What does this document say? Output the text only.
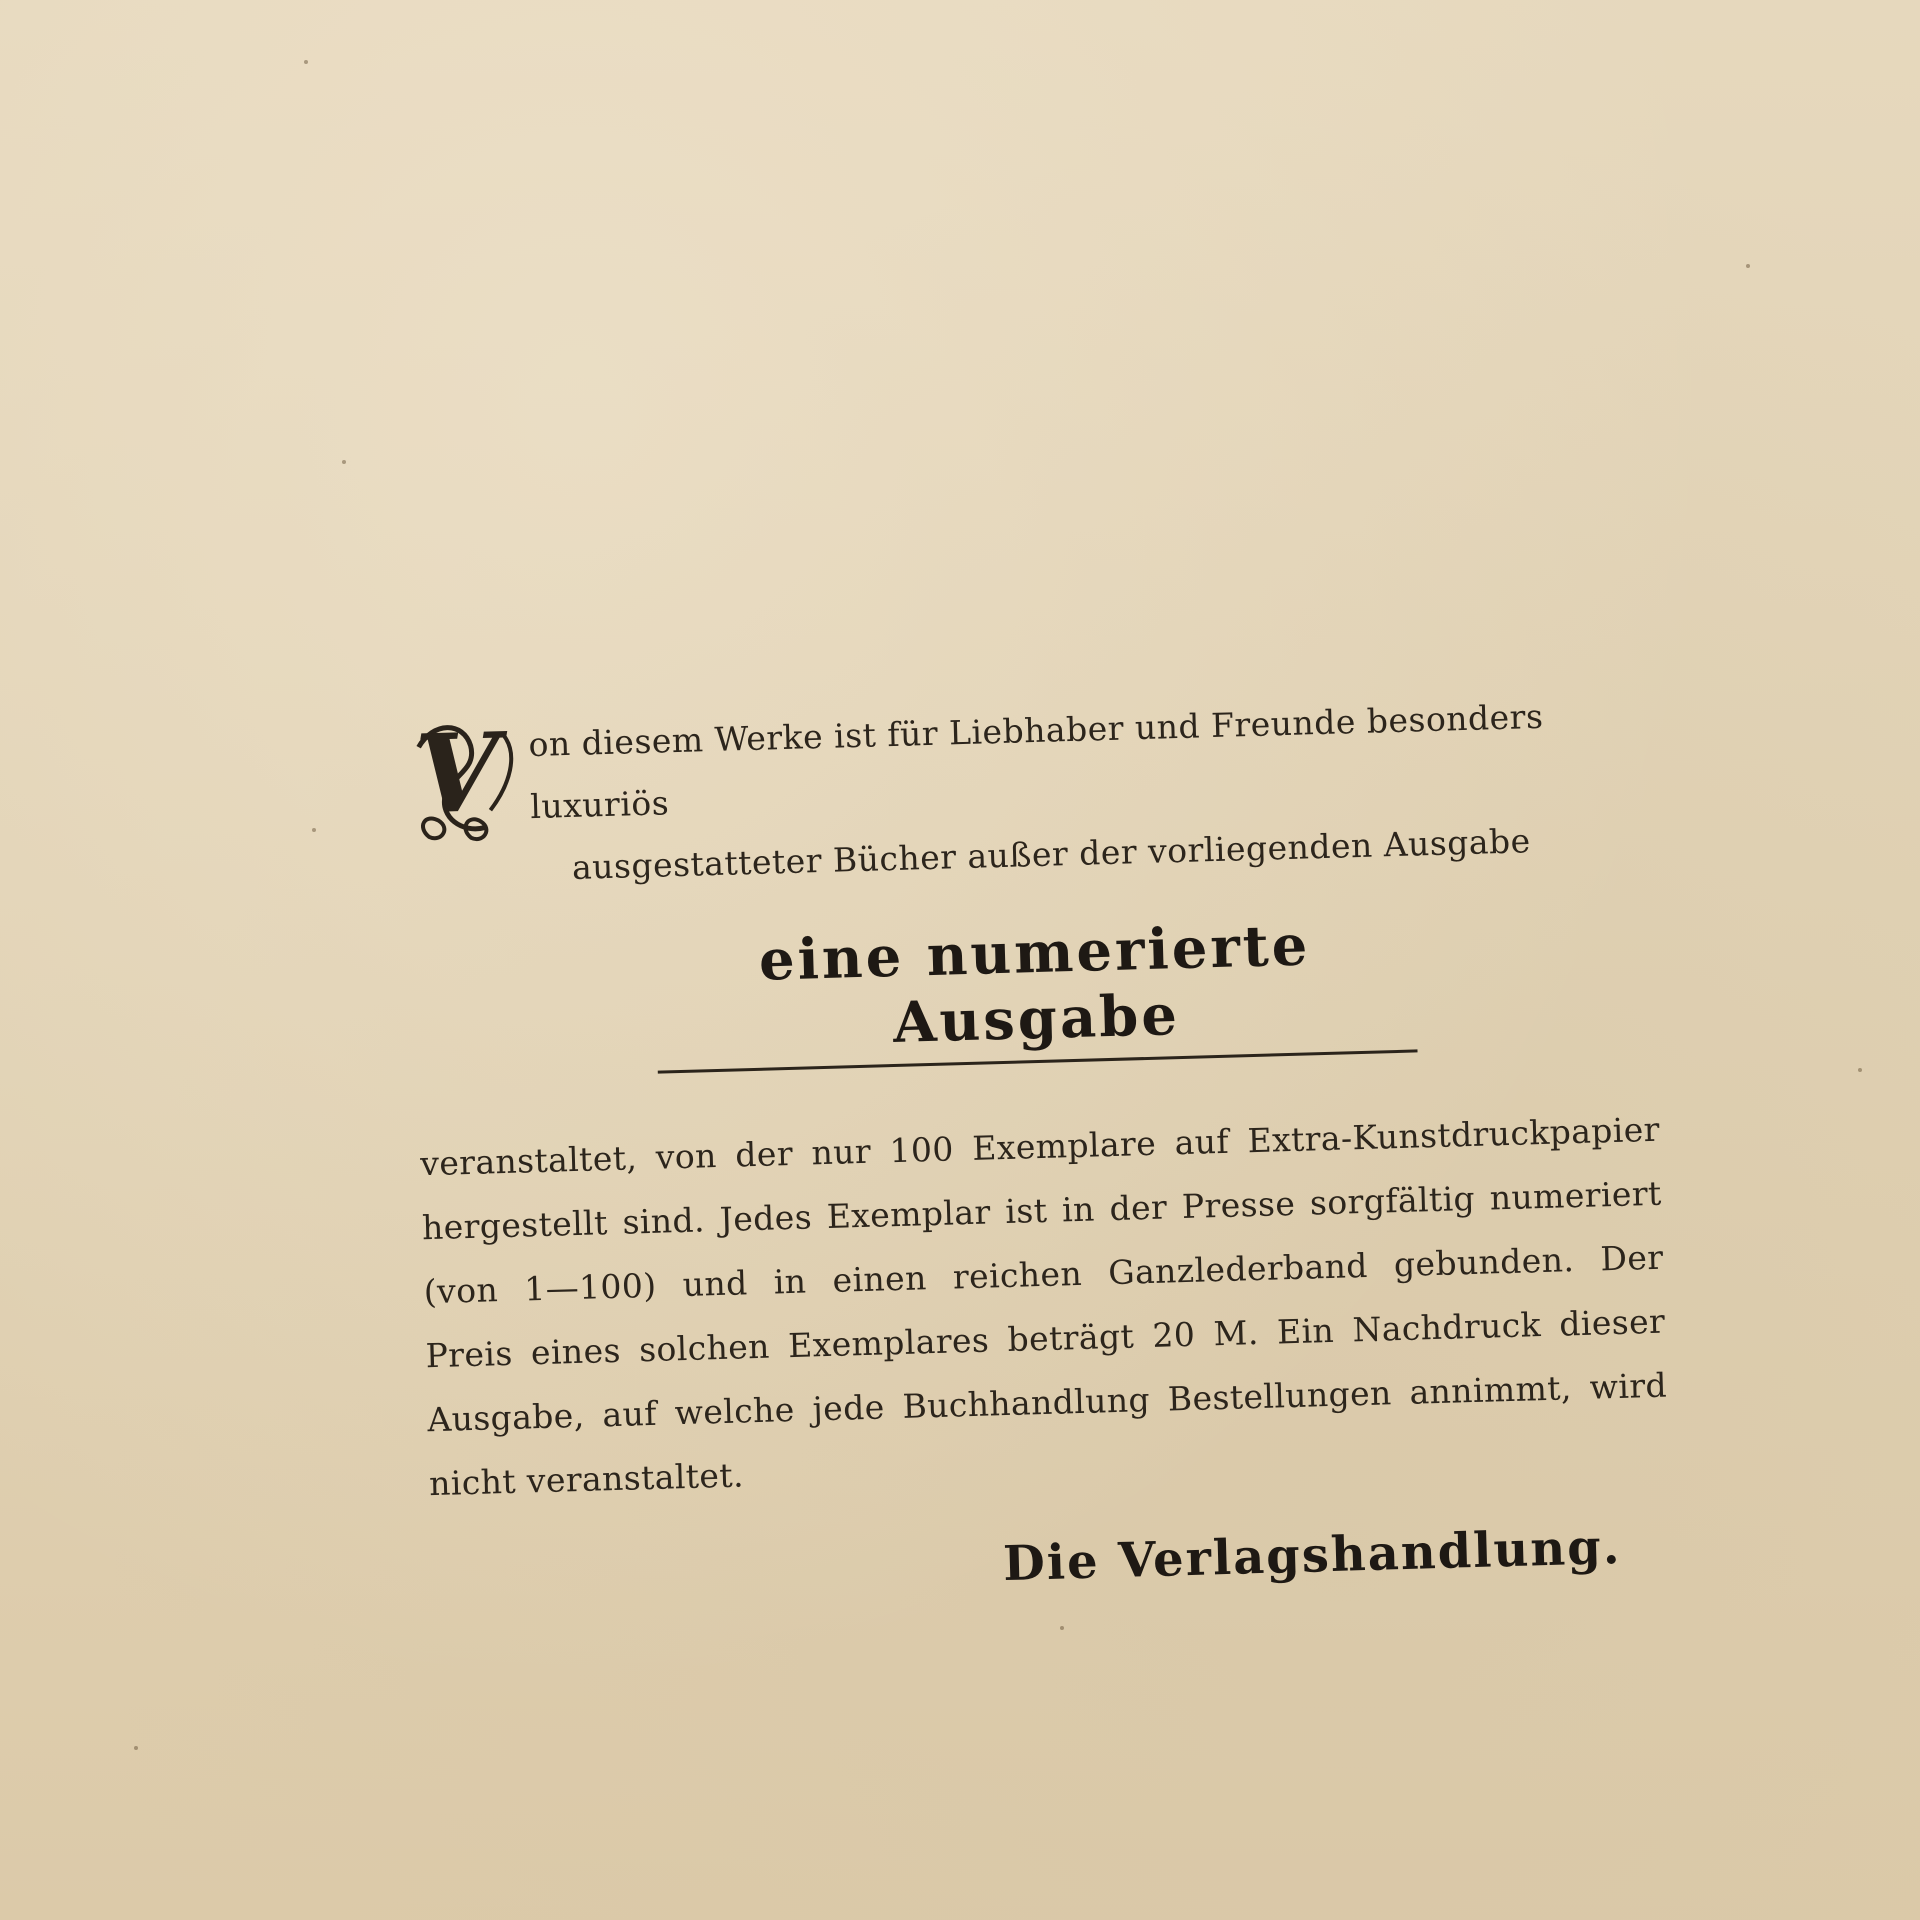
V on diesem Werke ist für Liebhaber und Freunde besonders luxuriös
ausgestatteter Bücher außer der vorliegenden Ausgabe
eine numerierte Ausgabe
veranstaltet, von der nur 100 Exemplare auf Extra-Kunstdruckpapier
hergestellt sind. Jedes Exemplar ist in der Presse sorgfältig numeriert
(von 1—100) und in einen reichen Ganzlederband gebunden. Der
Preis eines solchen Exemplares beträgt 20 M. Ein Nachdruck dieser
Ausgabe, auf welche jede Buchhandlung Bestellungen annimmt, wird
nicht veranstaltet.
Die Verlagshandlung.
